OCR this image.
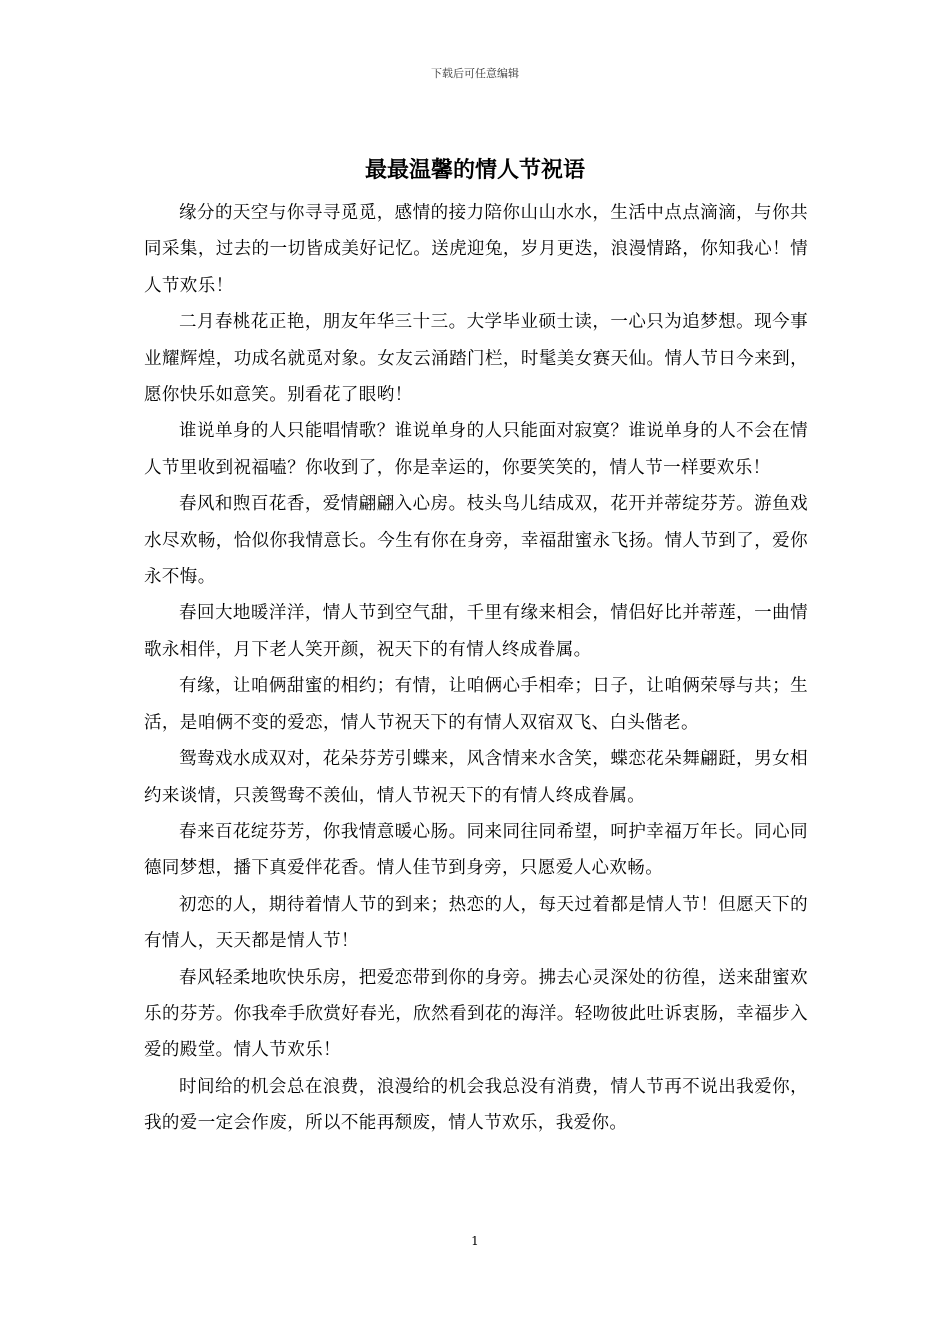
下载后可任意编辑
最最温馨的情人节祝语

缘分的天空与你寻寻觅觅，感情的接力陪你山山水水，生活中点点滴滴，与你共同采集，过去的一切皆成美好记忆。送虎迎兔，岁月更迭，浪漫情路，你知我心！情人节欢乐！

二月春桃花正艳，朋友年华三十三。大学毕业硕士读，一心只为追梦想。现今事业耀辉煌，功成名就觅对象。女友云涌踏门栏，时髦美女赛天仙。情人节日今来到，愿你快乐如意笑。别看花了眼哟！

谁说单身的人只能唱情歌？谁说单身的人只能面对寂寞？谁说单身的人不会在情人节里收到祝福嗑？你收到了，你是幸运的，你要笑笑的，情人节一样要欢乐！

春风和煦百花香，爱情翩翩入心房。枝头鸟儿结成双，花开并蒂绽芬芳。游鱼戏水尽欢畅，恰似你我情意长。今生有你在身旁，幸福甜蜜永飞扬。情人节到了，爱你永不悔。

春回大地暖洋洋，情人节到空气甜，千里有缘来相会，情侣好比并蒂莲，一曲情歌永相伴，月下老人笑开颜，祝天下的有情人终成眷属。

有缘，让咱俩甜蜜的相约；有情，让咱俩心手相牵；日子，让咱俩荣辱与共；生活，是咱俩不变的爱恋，情人节祝天下的有情人双宿双飞、白头偕老。

鸳鸯戏水成双对，花朵芬芳引蝶来，风含情来水含笑，蝶恋花朵舞翩跹，男女相约来谈情，只羡鸳鸯不羡仙，情人节祝天下的有情人终成眷属。

春来百花绽芬芳，你我情意暖心肠。同来同往同希望，呵护幸福万年长。同心同德同梦想，播下真爱伴花香。情人佳节到身旁，只愿爱人心欢畅。

初恋的人，期待着情人节的到来；热恋的人，每天过着都是情人节！但愿天下的有情人，天天都是情人节！

春风轻柔地吹快乐房，把爱恋带到你的身旁。拂去心灵深处的彷徨，送来甜蜜欢乐的芬芳。你我牵手欣赏好春光，欣然看到花的海洋。轻吻彼此吐诉衷肠，幸福步入爱的殿堂。情人节欢乐！

时间给的机会总在浪费，浪漫给的机会我总没有消费，情人节再不说出我爱你，我的爱一定会作废，所以不能再颓废，情人节欢乐，我爱你。

1
